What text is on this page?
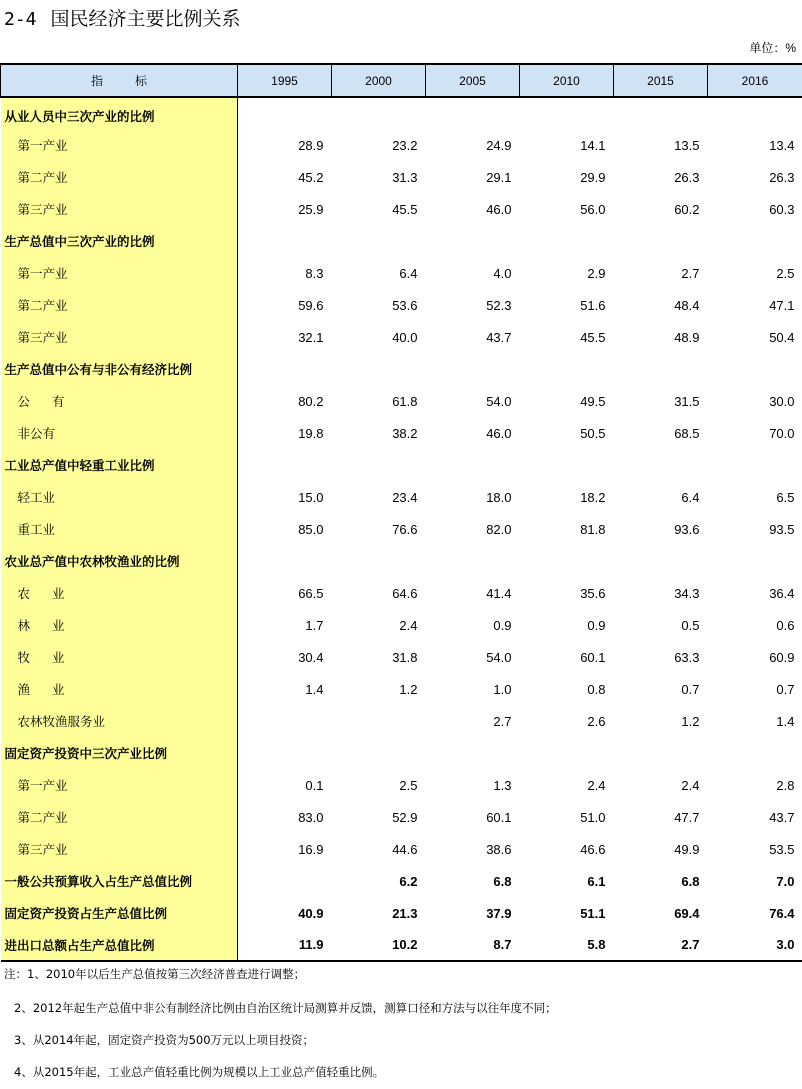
2-4 国民经济主要比例关系
单位：%
指 标	1995	2000	2005	2010	2015	2016
从业人员中三次产业的比例						
第一产业	28.9	23.2	24.9	14.1	13.5	13.4
第二产业	45.2	31.3	29.1	29.9	26.3	26.3
第三产业	25.9	45.5	46.0	56.0	60.2	60.3
生产总值中三次产业的比例						
第一产业	8.3	6.4	4.0	2.9	2.7	2.5
第二产业	59.6	53.6	52.3	51.6	48.4	47.1
第三产业	32.1	40.0	43.7	45.5	48.9	50.4
生产总值中公有与非公有经济比例						
公 有	80.2	61.8	54.0	49.5	31.5	30.0
非公有	19.8	38.2	46.0	50.5	68.5	70.0
工业总产值中轻重工业比例						
轻工业	15.0	23.4	18.0	18.2	6.4	6.5
重工业	85.0	76.6	82.0	81.8	93.6	93.5
农业总产值中农林牧渔业的比例						
农 业	66.5	64.6	41.4	35.6	34.3	36.4
林 业	1.7	2.4	0.9	0.9	0.5	0.6
牧 业	30.4	31.8	54.0	60.1	63.3	60.9
渔 业	1.4	1.2	1.0	0.8	0.7	0.7
农林牧渔服务业			2.7	2.6	1.2	1.4
固定资产投资中三次产业比例						
第一产业	0.1	2.5	1.3	2.4	2.4	2.8
第二产业	83.0	52.9	60.1	51.0	47.7	43.7
第三产业	16.9	44.6	38.6	46.6	49.9	53.5
一般公共预算收入占生产总值比例		6.2	6.8	6.1	6.8	7.0
固定资产投资占生产总值比例	40.9	21.3	37.9	51.1	69.4	76.4
进出口总额占生产总值比例	11.9	10.2	8.7	5.8	2.7	3.0
注：1、2010年以后生产总值按第三次经济普查进行调整；
2、2012年起生产总值中非公有制经济比例由自治区统计局测算并反馈，测算口径和方法与以往年度不同；
3、从2014年起，固定资产投资为500万元以上项目投资；
4、从2015年起，工业总产值轻重比例为规模以上工业总产值轻重比例。
